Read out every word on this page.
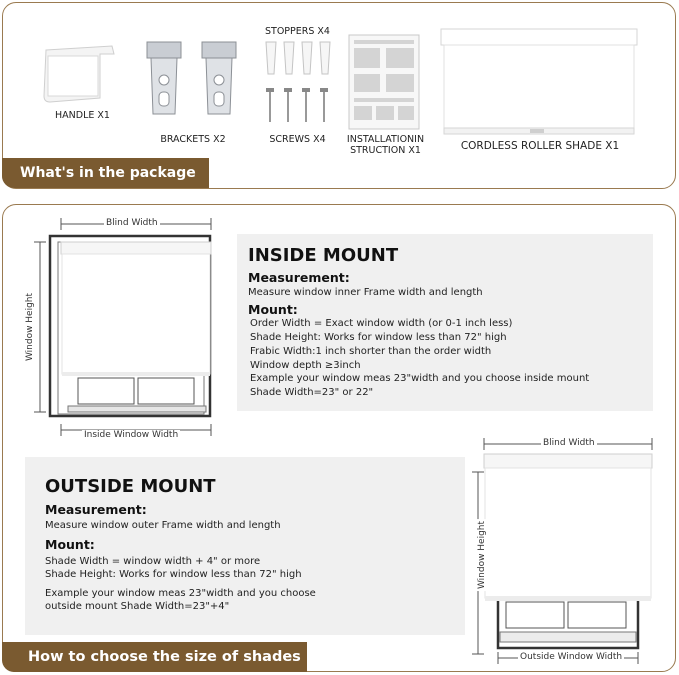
HANDLE X1
BRACKETS X2
STOPPERS X4
SCREWS X4	INSTALLATIONIN STRUCTION X1	CORDLESS ROLLER SHADE X1
What's in the package
Blind Width
Window Height
Inside Window Width
INSIDE MOUNT
Measurement:
Measure window inner Frame width and length
Mount:
Order Width = Exact window width (or 0-1 inch less)
Shade Height: Works for window less than 72" high
Frabic Width:1 inch shorter than the order width
Window depth ≥3inch
Example your window meas 23"width and you choose inside mount
Shade Width=23" or 22"
OUTSIDE MOUNT
Measurement:
Measure window outer Frame width and length
Mount:
Shade Width = window width + 4" or more
Shade Height: Works for window less than 72" high
Example your window meas 23"width and you choose
outside mount Shade Width=23"+4"
Blind Width
Window Height
Outside Window Width
How to choose the size of shades
